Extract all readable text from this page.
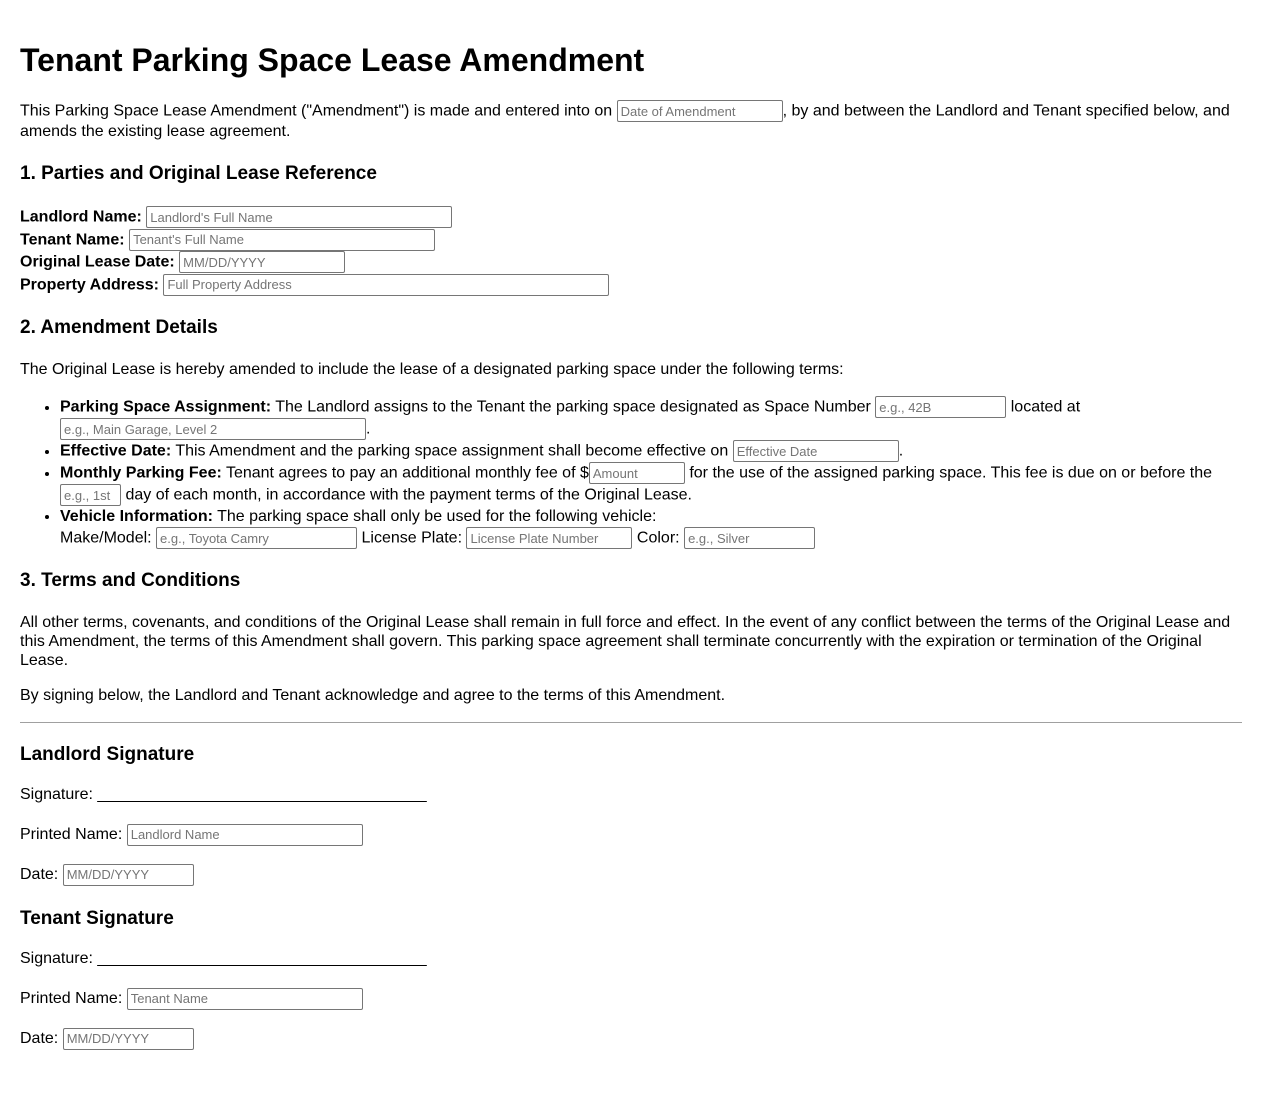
Tenant Parking Space Lease Amendment

This Parking Space Lease Amendment ("Amendment") is made and entered into on Date of Amendment	, by and between the Landlord and Tenant specified below, and amends the existing lease agreement.

1. Parties and Original Lease Reference
Landlord Name: Landlord's Full Name
Tenant Name: Tenant's Full Name
Original Lease Date: MM/DD/YYYY
Property Address: Full Property Address
2. Amendment Details

The Original Lease is hereby amended to include the lease of a designated parking space under the following terms:

• Parking Space Assignment: The Landlord assigns to the Tenant the parking space designated as Space Number e.g., 42B	located at
e.g., Main Garage, Level 2.
• Effective Date: This Amendment and the parking space assignment shall become effective on Effective Date	.
• Monthly Parking Fee: Tenant agrees to pay an additional monthly fee of $Amount	for the use of the assigned parking space. This fee is due on or before the
e.g., 1st day of each month, in accordance with the payment terms of the Original Lease.
• Vehicle Information: The parking space shall only be used for the following vehicle:
Make/Model: e.g., Toyota Camry	License Plate: License Plate Number	Color: e.g., Silver
3. Terms and Conditions

All other terms, covenants, and conditions of the Original Lease shall remain in full force and effect. In the event of any conflict between the terms of the Original Lease and this Amendment, the terms of this Amendment shall govern. This parking space agreement shall terminate concurrently with the expiration or termination of the Original Lease.

By signing below, the Landlord and Tenant acknowledge and agree to the terms of this Amendment.

Landlord Signature
Signature: _____________________________________
Printed Name: Landlord Name
Date: MM/DD/YYYY
Tenant Signature
Signature: _____________________________________
Printed Name: Tenant Name
Date: MM/DD/YYYY
